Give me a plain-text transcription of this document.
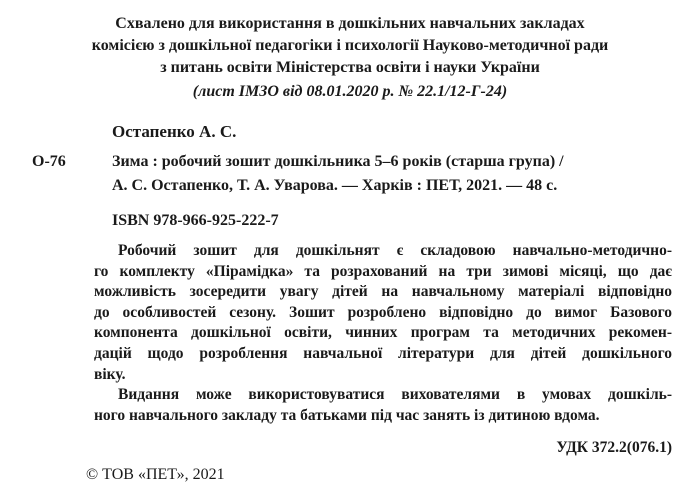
Схвалено для використання в дошкільних навчальних закладах

комісією з дошкільної педагогіки і психології Науково-методичної ради

з питань освіти Міністерства освіти і науки України

(лист ІМЗО від 08.01.2020 р. № 22.1/12-Г-24)

Остапенко А. С.

О-76	Зима : робочий зошит дошкільника 5–6 років (старша група) /

А. С. Остапенко, Т. А. Уварова. — Харків : ПЕТ, 2021. — 48 с.

ISBN 978-966-925-222-7

Робочий зошит для дошкільнят є складовою навчально-методично-
го комплекту «Пірамідка» та розрахований на три зимові місяці, що дає
можливість зосередити увагу дітей на навчальному матеріалі відповідно
до особливостей сезону. Зошит розроблено відповідно до вимог Базового
компонента дошкільної освіти, чинних програм та методичних рекомен-
дацій щодо розроблення навчальної літератури для дітей дошкільного
віку.
Видання може використовуватися вихователями в умовах дошкіль-
ного навчального закладу та батьками під час занять із дитиною вдома.

УДК 372.2(076.1)

© ТОВ «ПЕТ», 2021
